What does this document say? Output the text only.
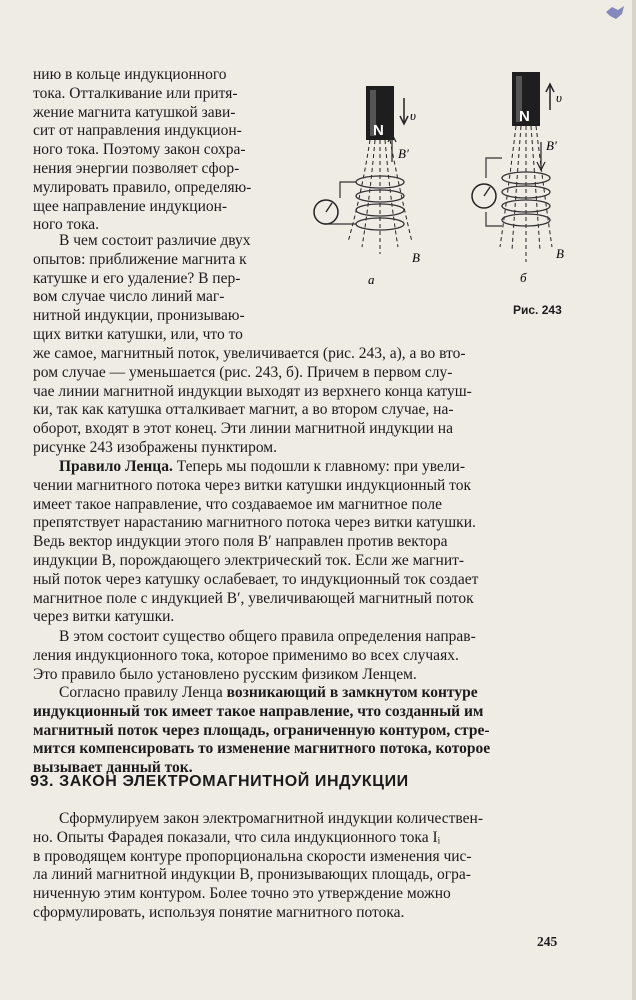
нию в кольце индукционного
тока. Отталкивание или притя-
жение магнита катушкой зави-
сит от направления индукцион-
ного тока. Поэтому закон сохра-
нения энергии позволяет сфор-
мулировать правило, определяю-
щее направление индукцион-
ного тока.
В чем состоит различие двух
опытов: приближение магнита к
катушке и его удаление? В пер-
вом случае число линий маг-
нитной индукции, пронизываю-
щих витки катушки, или, что то
N
υ
B′
B
а
N
υ
B′
B
б
Рис. 243
же самое, магнитный поток, увеличивается (рис. 243, а), а во вто-
ром случае — уменьшается (рис. 243, б). Причем в первом слу-
чае линии магнитной индукции выходят из верхнего конца катуш-
ки, так как катушка отталкивает магнит, а во втором случае, на-
оборот, входят в этот конец. Эти линии магнитной индукции на
рисунке 243 изображены пунктиром.
Правило Ленца. Теперь мы подошли к главному: при увели-
чении магнитного потока через витки катушки индукционный ток
имеет такое направление, что создаваемое им магнитное поле
препятствует нарастанию магнитного потока через витки катушки.
Ведь вектор индукции этого поля B′ направлен против вектора
индукции B, порождающего электрический ток. Если же магнит-
ный поток через катушку ослабевает, то индукционный ток создает
магнитное поле с индукцией B′, увеличивающей магнитный поток
через витки катушки.
В этом состоит существо общего правила определения направ-
ления индукционного тока, которое применимо во всех случаях.
Это правило было установлено русским физиком Ленцем.
Согласно правилу Ленца возникающий в замкнутом контуре
индукционный ток имеет такое направление, что созданный им
магнитный поток через площадь, ограниченную контуром, стре-
мится компенсировать то изменение магнитного потока, которое
вызывает данный ток.
93. ЗАКОН ЭЛЕКТРОМАГНИТНОЙ ИНДУКЦИИ
Сформулируем закон электромагнитной индукции количествен-
но. Опыты Фарадея показали, что сила индукционного тока Iᵢ
в проводящем контуре пропорциональна скорости изменения чис-
ла линий магнитной индукции B, пронизывающих площадь, огра-
ниченную этим контуром. Более точно это утверждение можно
сформулировать, используя понятие магнитного потока.
245
